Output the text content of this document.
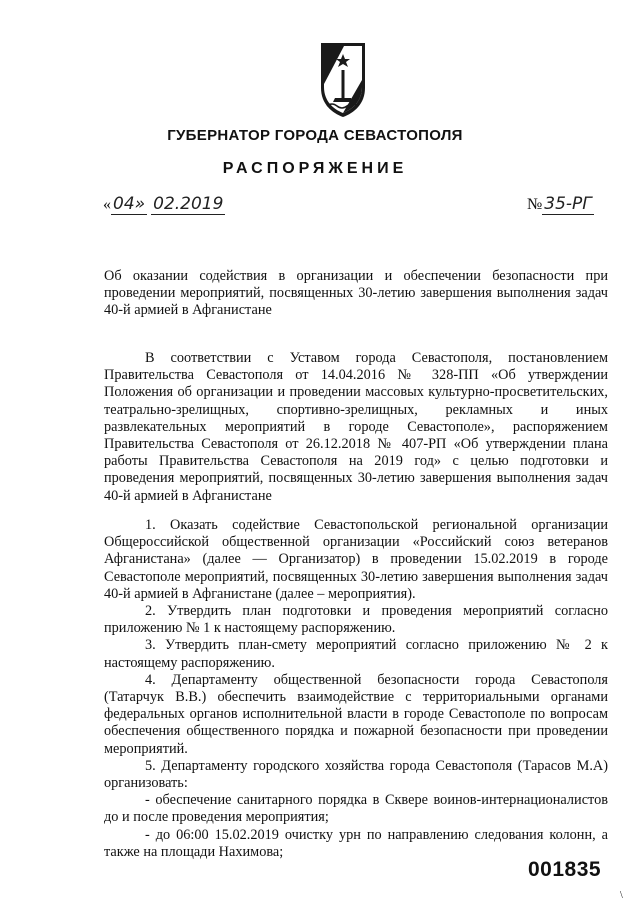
ГУБЕРНАТОР ГОРОДА СЕВАСТОПОЛЯ
РАСПОРЯЖЕНИЕ
« 04» 02.2019	№ 35-РГ

Об оказании содействия в организации и обеспечении безопасности при проведении мероприятий, посвященных 30-летию завершения выполнения задач 40-й армией в Афганистане

В соответствии с Уставом города Севастополя, постановлением Правительства Севастополя от 14.04.2016 № 328-ПП «Об утверждении Положения об организации и проведении массовых культурно-просветительских, театрально-зрелищных, спортивно-зрелищных, рекламных и иных развлекательных мероприятий в городе Севастополе», распоряжением Правительства Севастополя от 26.12.2018 № 407-РП «Об утверждении плана работы Правительства Севастополя на 2019 год» с целью подготовки и проведения мероприятий, посвященных 30-летию завершения выполнения задач 40-й армией в Афганистане

1. Оказать содействие Севастопольской региональной организации Общероссийской общественной организации «Российский союз ветеранов Афганистана» (далее — Организатор) в проведении 15.02.2019 в городе Севастополе мероприятий, посвященных 30-летию завершения выполнения задач 40-й армией в Афганистане (далее – мероприятия).

2. Утвердить план подготовки и проведения мероприятий согласно приложению № 1 к настоящему распоряжению.

3. Утвердить план-смету мероприятий согласно приложению № 2 к настоящему распоряжению.

4. Департаменту общественной безопасности города Севастополя (Татарчук В.В.) обеспечить взаимодействие с территориальными органами федеральных органов исполнительной власти в городе Севастополе по вопросам обеспечения общественного порядка и пожарной безопасности при проведении мероприятий.

5. Департаменту городского хозяйства города Севастополя (Тарасов М.А) организовать:

- обеспечение санитарного порядка в Сквере воинов-интернационалистов до и после проведения мероприятия;

- до 06:00 15.02.2019 очистку урн по направлению следования колонн, а также на площади Нахимова;

001835
\
